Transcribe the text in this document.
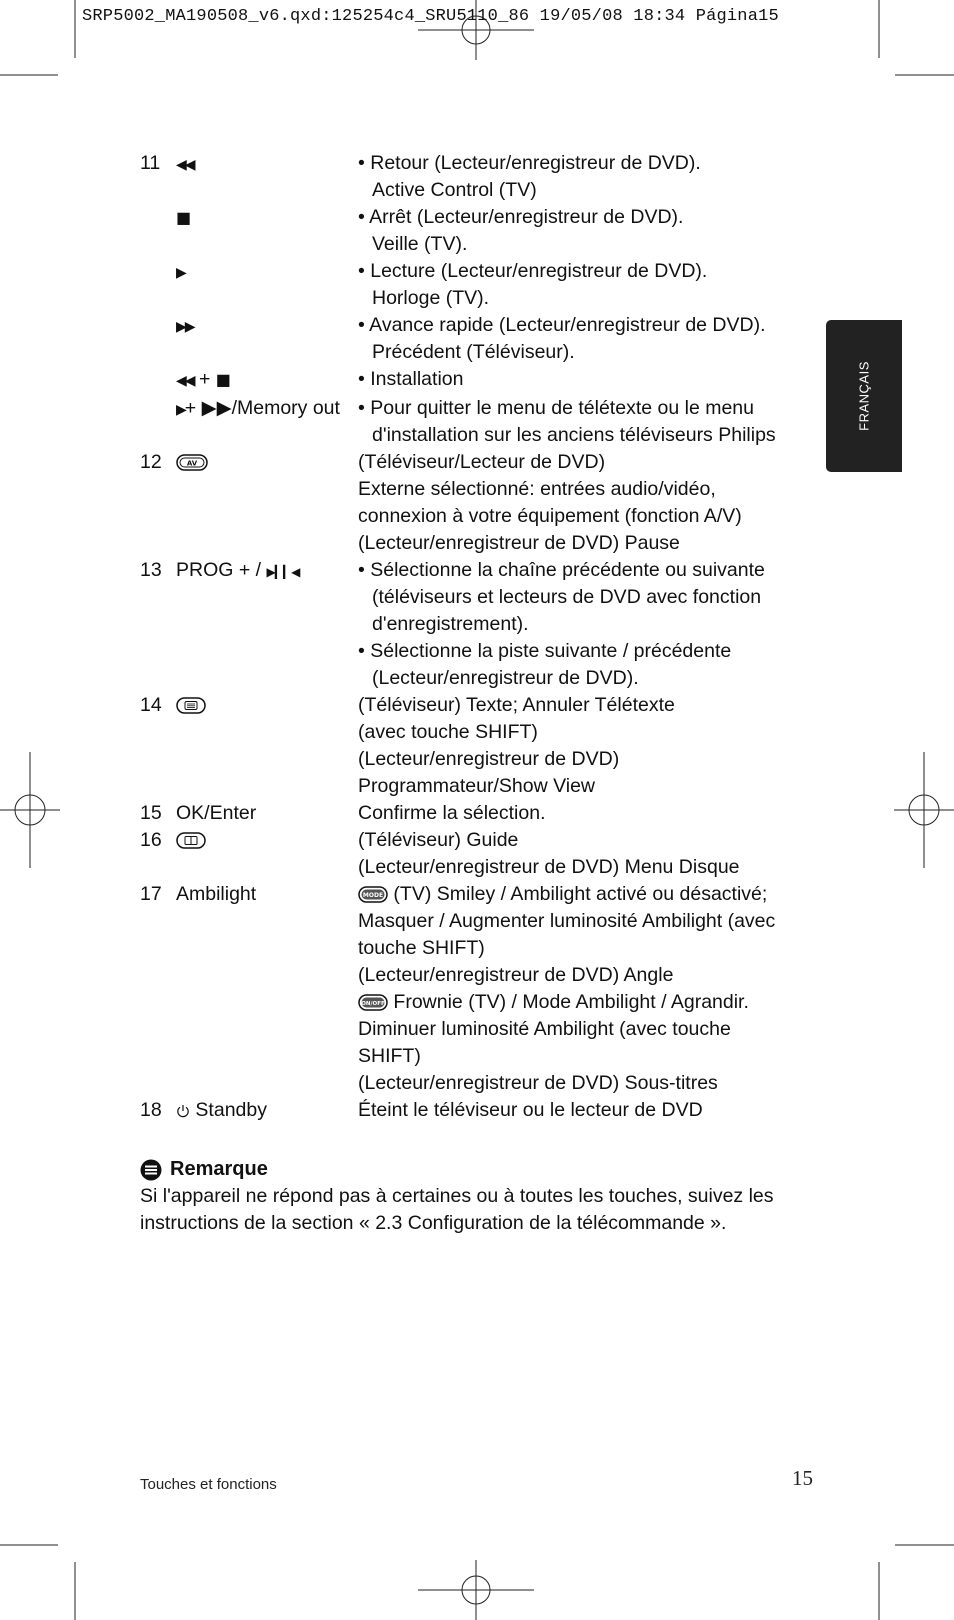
SRP5002_MA190508_v6.qxd:125254c4_SRU5110_86 19/05/08 18:34 Página15
FRANÇAIS
11 ◀◀	• Retour (Lecteur/enregistreur de DVD).
Active Control (TV)
■	• Arrêt (Lecteur/enregistreur de DVD).
Veille (TV).
▶	• Lecture (Lecteur/enregistreur de DVD).
Horloge (TV).
▶▶	• Avance rapide (Lecteur/enregistreur de DVD).
Précédent (Téléviseur).
◀◀ + ■	• Installation
▶+ ▶▶/Memory out • Pour quitter le menu de télétexte ou le menu
d'installation sur les anciens téléviseurs Philips
12	AV	(Téléviseur/Lecteur de DVD)
Externe sélectionné: entrées audio/vidéo,
connexion à votre équipement (fonction A/V)
(Lecteur/enregistreur de DVD) Pause
13 PROG + / ▶▎▎◀	• Sélectionne la chaîne précédente ou suivante
(téléviseurs et lecteurs de DVD avec fonction
d'enregistrement).
• Sélectionne la piste suivante / précédente
(Lecteur/enregistreur de DVD).
14	(Téléviseur) Texte; Annuler Télétexte
(avec touche SHIFT)
(Lecteur/enregistreur de DVD)
Programmateur/Show View
15 OK/Enter	Confirme la sélection.
16	(Téléviseur) Guide
(Lecteur/enregistreur de DVD) Menu Disque
17 Ambilight	MODE (TV) Smiley / Ambilight activé ou désactivé;
Masquer / Augmenter luminosité Ambilight (avec
touche SHIFT)
(Lecteur/enregistreur de DVD) Angle
ON/OFF Frownie (TV) / Mode Ambilight / Agrandir.
Diminuer luminosité Ambilight (avec touche
SHIFT)
(Lecteur/enregistreur de DVD) Sous-titres
18 Standby	Éteint le téléviseur ou le lecteur de DVD
Remarque
Si l'appareil ne répond pas à certaines ou à toutes les touches, suivez les
instructions de la section « 2.3 Configuration de la télécommande ».
Touches et fonctions	15
